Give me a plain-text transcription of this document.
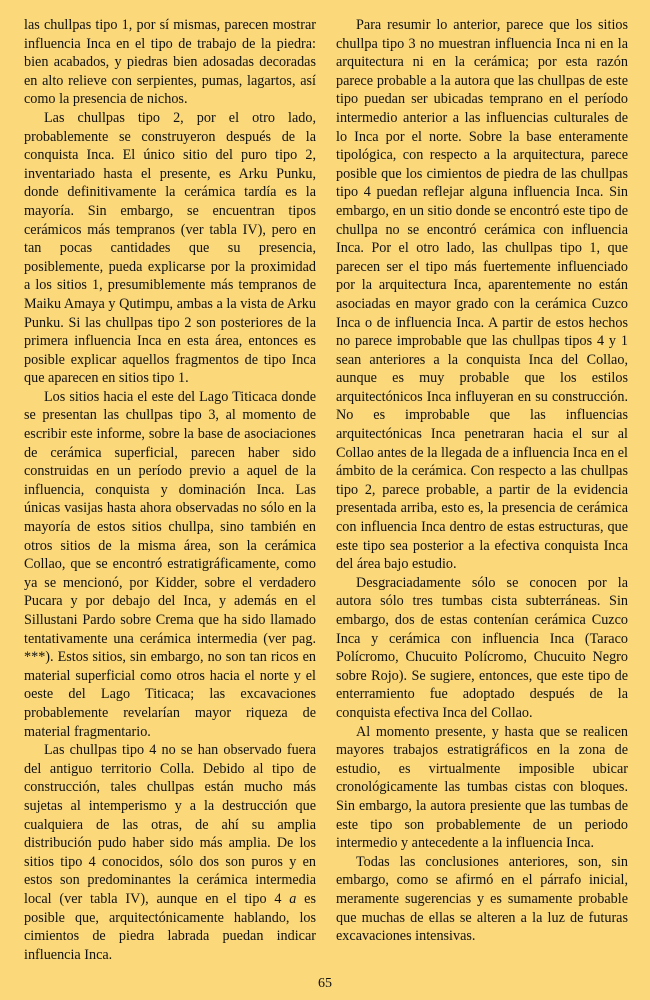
las chullpas tipo 1, por sí mismas, parecen mostrar influencia Inca en el tipo de trabajo de la piedra: bien acabados, y piedras bien adosadas decoradas en alto relieve con serpientes, pumas, lagartos, así como la presencia de nichos.

Las chullpas tipo 2, por el otro lado, probablemente se construyeron después de la conquista Inca. El único sitio del puro tipo 2, inventariado hasta el presente, es Arku Punku, donde definitivamente la cerámica tardía es la mayoría. Sin embargo, se encuentran tipos cerámicos más tempranos (ver tabla IV), pero en tan pocas cantidades que su presencia, posiblemente, pueda explicarse por la proximidad a los sitios 1, presumiblemente más tempranos de Maiku Amaya y Qutimpu, ambas a la vista de Arku Punku. Si las chullpas tipo 2 son posteriores de la primera influencia Inca en esta área, entonces es posible explicar aquellos fragmentos de tipo Inca que aparecen en sitios tipo 1.

Los sitios hacia el este del Lago Titicaca donde se presentan las chullpas tipo 3, al momento de escribir este informe, sobre la base de asociaciones de cerámica superficial, parecen haber sido construidas en un período previo a aquel de la influencia, conquista y dominación Inca. Las únicas vasijas hasta ahora observadas no sólo en la mayoría de estos sitios chullpa, sino también en otros sitios de la misma área, son la cerámica Collao, que se encontró estratigráficamente, como ya se mencionó, por Kidder, sobre el verdadero Pucara y por debajo del Inca, y además en el Sillustani Pardo sobre Crema que ha sido llamado tentativamente una cerámica intermedia (ver pag. ***). Estos sitios, sin embargo, no son tan ricos en material superficial como otros hacia el norte y el oeste del Lago Titicaca; las excavaciones probablemente revelarían mayor riqueza de material fragmentario.

Las chullpas tipo 4 no se han observado fuera del antiguo territorio Colla. Debido al tipo de construcción, tales chullpas están mucho más sujetas al intemperismo y a la destrucción que cualquiera de las otras, de ahí su amplia distribución pudo haber sido más amplia. De los sitios tipo 4 conocidos, sólo dos son puros y en estos son predominantes la cerámica intermedia local (ver tabla IV), aunque en el tipo 4 a es posible que, arquitectónicamente hablando, los cimientos de piedra labrada puedan indicar influencia Inca.

Para resumir lo anterior, parece que los sitios chullpa tipo 3 no muestran influencia Inca ni en la arquitectura ni en la cerámica; por esta razón parece probable a la autora que las chullpas de este tipo puedan ser ubicadas temprano en el período intermedio anterior a las influencias culturales de lo Inca por el norte. Sobre la base enteramente tipológica, con respecto a la arquitectura, parece posible que los cimientos de piedra de las chullpas tipo 4 puedan reflejar alguna influencia Inca. Sin embargo, en un sitio donde se encontró este tipo de chullpa no se encontró cerámica con influencia Inca. Por el otro lado, las chullpas tipo 1, que parecen ser el tipo más fuertemente influenciado por la arquitectura Inca, aparentemente no están asociadas en mayor grado con la cerámica Cuzco Inca o de influencia Inca. A partir de estos hechos no parece improbable que las chullpas tipos 4 y 1 sean anteriores a la conquista Inca del Collao, aunque es muy probable que los estilos arquitectónicos Inca influyeran en su construcción. No es improbable que las influencias arquitectónicas Inca penetraran hacia el sur al Collao antes de la llegada de a influencia Inca en el ámbito de la cerámica. Con respecto a las chullpas tipo 2, parece probable, a partir de la evidencia presentada arriba, esto es, la presencia de cerámica con influencia Inca dentro de estas estructuras, que este tipo sea posterior a la efectiva conquista Inca del área bajo estudio.

Desgraciadamente sólo se conocen por la autora sólo tres tumbas cista subterráneas. Sin embargo, dos de estas contenían cerámica Cuzco Inca y cerámica con influencia Inca (Taraco Polícromo, Chucuito Polícromo, Chucuito Negro sobre Rojo). Se sugiere, entonces, que este tipo de enterramiento fue adoptado después de la conquista efectiva Inca del Collao.

Al momento presente, y hasta que se realicen mayores trabajos estratigráficos en la zona de estudio, es virtualmente imposible ubicar cronológicamente las tumbas cistas con bloques. Sin embargo, la autora presiente que las tumbas de este tipo son probablemente de un periodo intermedio y antecedente a la influencia Inca.

Todas las conclusiones anteriores, son, sin embargo, como se afirmó en el párrafo inicial, meramente sugerencias y es sumamente probable que muchas de ellas se alteren a la luz de futuras excavaciones intensivas.

65
